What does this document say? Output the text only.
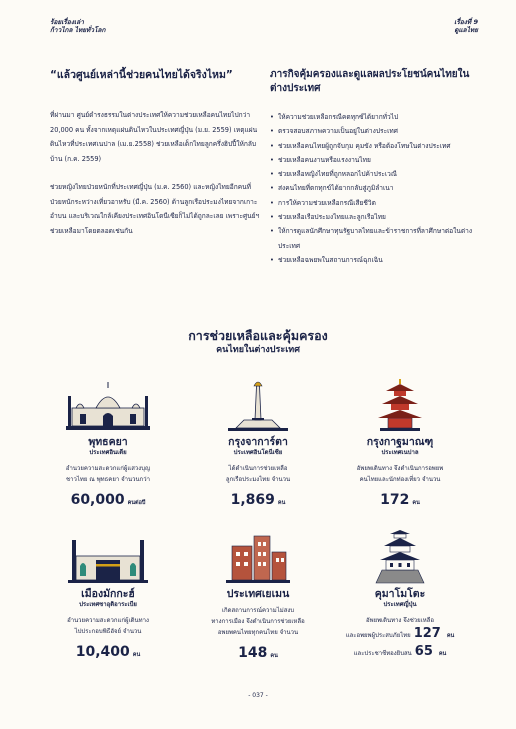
ร้อยเรื่องเล่า
ก้าวไกล ไทยทั่วโลก
เรื่องที่ 9
ดูแลไทย
“แล้วศูนย์เหล่านี้ช่วยคนไทยได้จริงไหม”
ที่ผ่านมา ศูนย์ดำรงธรรมในต่างประเทศให้ความช่วยเหลือคนไทยไปกว่า 20,000 คน ทั้งจากเหตุแผ่นดินไหวในประเทศญี่ปุ่น (ม.ย. 2559) เหตุแผ่นดินไหวที่ประเทศเนปาล (เม.ย.2558) ช่วยเหลือเด็กไทยลูกครึ่งฮิปปี้ให้กลับบ้าน (ก.ค. 2559)
ช่วยหญิงไทยป่วยหนักที่ประเทศญี่ปุ่น (ม.ค. 2560) และหญิงไทยอีกคนที่ป่วยหนักระหว่างเที่ยวอาหรับ (มี.ค. 2560) ด้านลูกเรือประมงไทยจากเกาะอำบน และบริเวณใกล้เคียงประเทศอินโดนีเซียก็ไม่ได้ถูกละเลย เพราะศูนย์ฯ ช่วยเหลือมาโดยตลอดเช่นกัน
ภารกิจคุ้มครองและดูแลผลประโยชน์คนไทยในต่างประเทศ
• ให้ความช่วยเหลือกรณีคดทุกซ์ได้ยากทั่วไป
• ตรวจสอบสภาพความเป็นอยู่ในต่างประเทศ
• ช่วยเหลือคนไทยผู้ถูกจับกุม คุมขัง หรือต้องโทษในต่างประเทศ
• ช่วยเหลือคนงานหรือแรงงานไทย
• ช่วยเหลือหญิงไทยที่ถูกหลอกไปค้าประเวณี
• ส่งคนไทยที่ตกทุกข์ได้ยากกลับสู่ภูมิลำเนา
• การให้ความช่วยเหลือกรณีเสียชีวิต
• ช่วยเหลือเรือประมงไทยและลูกเรือไทย
• ให้การดูแลนักศึกษาทุนรัฐบาลไทยและข้าราชการที่ลาศึกษาต่อในต่างประเทศ
• ช่วยเหลือฉพยพในสถานการณ์ฉุกเฉิน
การช่วยเหลือและคุ้มครอง
คนไทยในต่างประเทศ
พุทธคยา
ประเทศอินเดีย
อำนวยความสะดวกแก่ผู้แสวงบุญ
ชาวไทย ณ พุทธคยา จำนวนกว่า
60,000 คนต่อปี
กรุงจาการ์ตา
ประเทศอินโดนีเซีย
ได้ดำเนินการช่วยเหลือ
ลูกเรือประมงไทย จำนวน
1,869 คน
กรุงกาฐมาณฑุ
ประเทศเนปาล
อัพยพเดินทาง จึงดำเนินการอพยพ
คนไทยและนักท่องเที่ยว จำนวน
172 คน
เมืองมักกะฮ์
ประเทศซาอุดิอาระเบีย
อำนวยความสะดวกแก่ผู้เดินทาง
ไปประกอบพิธีฮัจย์ จำนวน
10,400 คน
ประเทศเยเมน
เกิดสถานการณ์ความไม่สงบ
ทางการเมือง จึงดำเนินการช่วยเหลือ
อพยพคนไทยทุกคนไทย จำนวน
148 คน
คุมาโมโตะ
ประเทศญี่ปุ่น
อัพยพเดินทาง จึงช่วยเหลือ
และอพยพผู้ประสบภัยไทย 127 คน
และประชาชีทองยิบสน 65 คน
- 037 -
